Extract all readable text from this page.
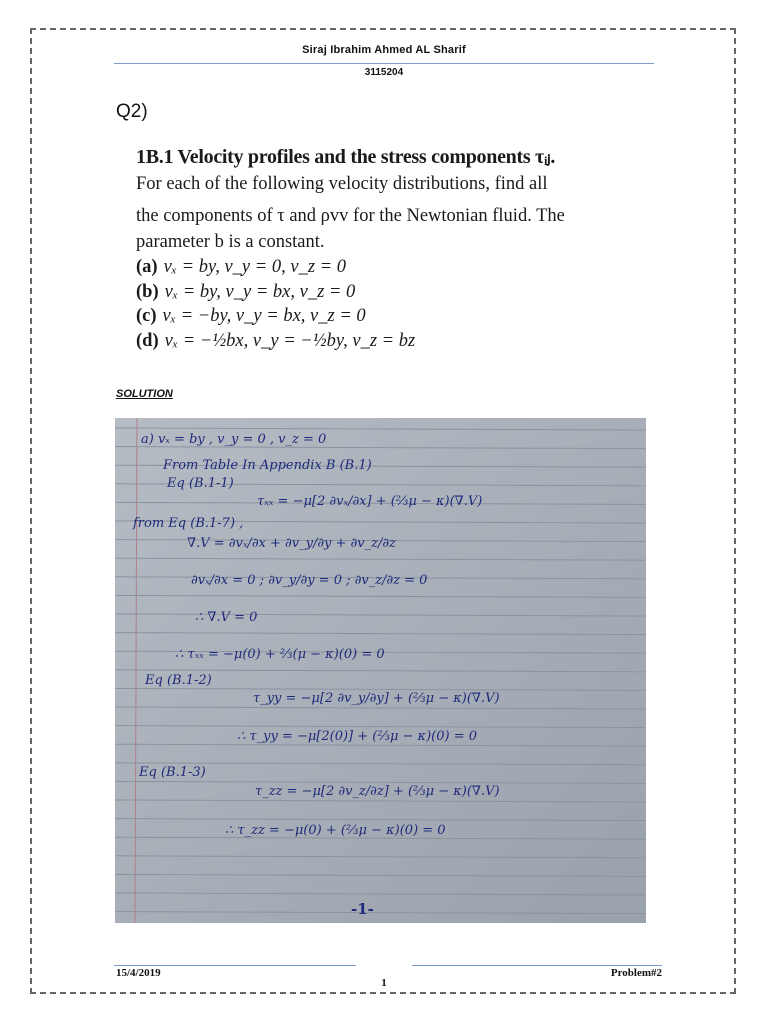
Siraj Ibrahim Ahmed AL Sharif
3115204
Q2)
1B.1 Velocity profiles and the stress components τᵢⱼ.
For each of the following velocity distributions, find all
the components of τ and ρvv for the Newtonian fluid. The
parameter b is a constant.
(a) vₓ = by, v_y = 0, v_z = 0
(b) vₓ = by, v_y = bx, v_z = 0
(c) vₓ = −by, v_y = bx, v_z = 0
(d) vₓ = −½bx, v_y = −½by, v_z = bz
SOLUTION
a) vₓ = by , v_y = 0 , v_z = 0
From Table In Appendix B (B.1)
Eq (B.1-1)
τₓₓ = −μ[2 ∂vₓ/∂x] + (⅔μ − κ)(∇.V)
from Eq (B.1-7) ,
∇.V = ∂vₓ/∂x + ∂v_y/∂y + ∂v_z/∂z
∂vₓ/∂x = 0 ; ∂v_y/∂y = 0 ; ∂v_z/∂z = 0
∴ ∇.V = 0
∴ τₓₓ = −μ(0) + ⅔(μ − κ)(0) = 0
Eq (B.1-2)
τ_yy = −μ[2 ∂v_y/∂y] + (⅔μ − κ)(∇.V)
∴ τ_yy = −μ[2(0)] + (⅔μ − κ)(0) = 0
Eq (B.1-3)
τ_zz = −μ[2 ∂v_z/∂z] + (⅔μ − κ)(∇.V)
∴ τ_zz = −μ(0) + (⅔μ − κ)(0) = 0
-1-
15/4/2019
1
Problem#2
